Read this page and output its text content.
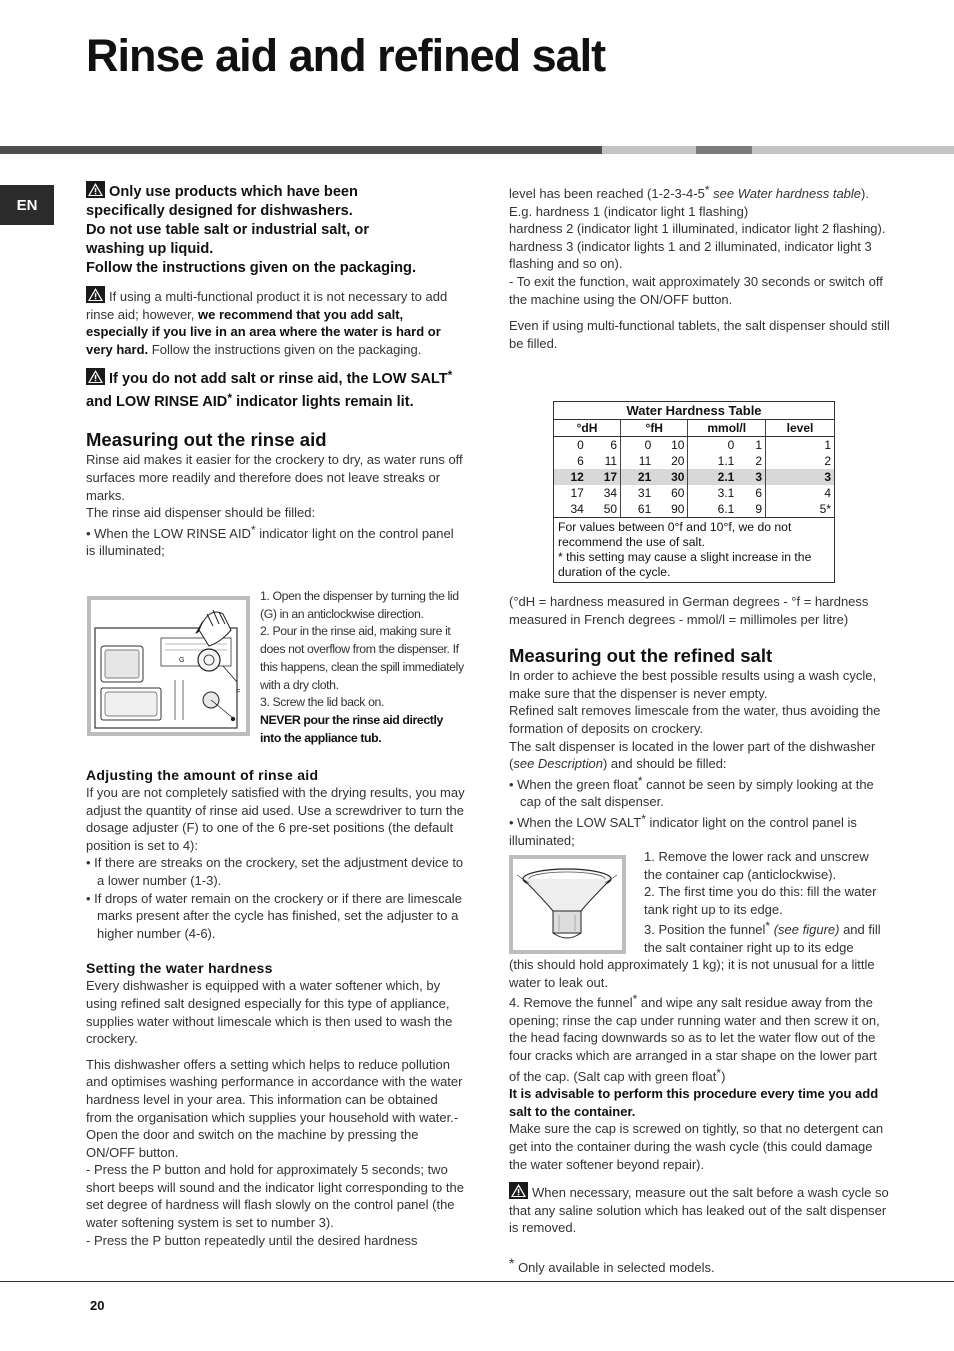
Rinse aid and refined salt
EN

Only use products which have been

specifically designed for dishwashers.

Do not use table salt or industrial salt, or

washing up liquid.

Follow the instructions given on the packaging.

If using a multi-functional product it is not necessary to add rinse aid; however, we recommend that you add salt, especially if you live in an area where the water is hard or very hard. Follow the instructions given on the packaging.

If you do not add salt or rinse aid, the LOW SALT* and LOW RINSE AID* indicator lights remain lit.

Measuring out the rinse aid

Rinse aid makes it easier for the crockery to dry, as water runs off surfaces more readily and therefore does not leave streaks or marks.

The rinse aid dispenser should be filled:

• When the LOW RINSE AID* indicator light on the control panel is illuminated;

F
G

1. Open the dispenser by turning the lid (G) in an anticlockwise direction.

2. Pour in the rinse aid, making sure it does not overflow from the dispenser. If this happens, clean the spill immediately with a dry cloth.

3. Screw the lid back on.

NEVER pour the rinse aid directly into the appliance tub.

Adjusting the amount of rinse aid

If you are not completely satisfied with the drying results, you may adjust the quantity of rinse aid used. Use a screwdriver to turn the dosage adjuster (F) to one of the 6 pre-set positions (the default position is set to 4):

• If there are streaks on the crockery, set the adjustment device to a lower number (1-3).

• If drops of water remain on the crockery or if there are limescale marks present after the cycle has finished, set the adjuster to a higher number (4-6).

Setting the water hardness

Every dishwasher is equipped with a water softener which, by using refined salt designed especially for this type of appliance, supplies water without limescale which is then used to wash the crockery.

This dishwasher offers a setting which helps to reduce pollution and optimises washing performance in accordance with the water hardness level in your area. This information can be obtained from the organisation which supplies your household with water.- Open the door and switch on the machine by pressing the ON/OFF button.

- Press the P button and hold for approximately 5 seconds; two short beeps will sound and the indicator light corresponding to the set degree of hardness will flash slowly on the control panel (the water softening system is set to number 3).

- Press the P button repeatedly until the desired hardness

level has been reached (1-2-3-4-5* see Water hardness table).

E.g. hardness 1 (indicator light 1 flashing)

hardness 2 (indicator light 1 illuminated, indicator light 2 flashing).

hardness 3 (indicator lights 1 and 2 illuminated, indicator light 3 flashing and so on).

- To exit the function, wait approximately 30 seconds or switch off the machine using the ON/OFF button.

Even if using multi-functional tablets, the salt dispenser should still be filled.

Water Hardness Table
°dH		°fH		mmol/l		level
0	6	0	10	0	1	1
6	11	11	20	1.1	2	2
12	17	21	30	2.1	3	3
17	34	31	60	3.1	6	4
34	50	61	90	6.1	9	5*

For values between 0°f and 10°f, we do not recommend the use of salt.

* this setting may cause a slight increase in the duration of the cycle.

(°dH = hardness measured in German degrees - °f = hardness measured in French degrees - mmol/l = millimoles per litre)

Measuring out the refined salt

In order to achieve the best possible results using a wash cycle, make sure that the dispenser is never empty.

Refined salt removes limescale from the water, thus avoiding the formation of deposits on crockery.

The salt dispenser is located in the lower part of the dishwasher (see Description) and should be filled:

• When the green float* cannot be seen by simply looking at the cap of the salt dispenser.

• When the LOW SALT* indicator light on the control panel is illuminated;

1. Remove the lower rack and unscrew the container cap (anticlockwise).

2. The first time you do this: fill the water tank right up to its edge.

3. Position the funnel* (see figure) and fill the salt container right up to its edge

(this should hold approximately 1 kg); it is not unusual for a little water to leak out.

4. Remove the funnel* and wipe any salt residue away from the opening; rinse the cap under running water and then screw it on, the head facing downwards so as to let the water flow out of the four cracks which are arranged in a star shape on the lower part of the cap. (Salt cap with green float*)

It is advisable to perform this procedure every time you add salt to the container.

Make sure the cap is screwed on tightly, so that no detergent can get into the container during the wash cycle (this could damage the water softener beyond repair).

When necessary, measure out the salt before a wash cycle so that any saline solution which has leaked out of the salt dispenser is removed.

* Only available in selected models.

20
